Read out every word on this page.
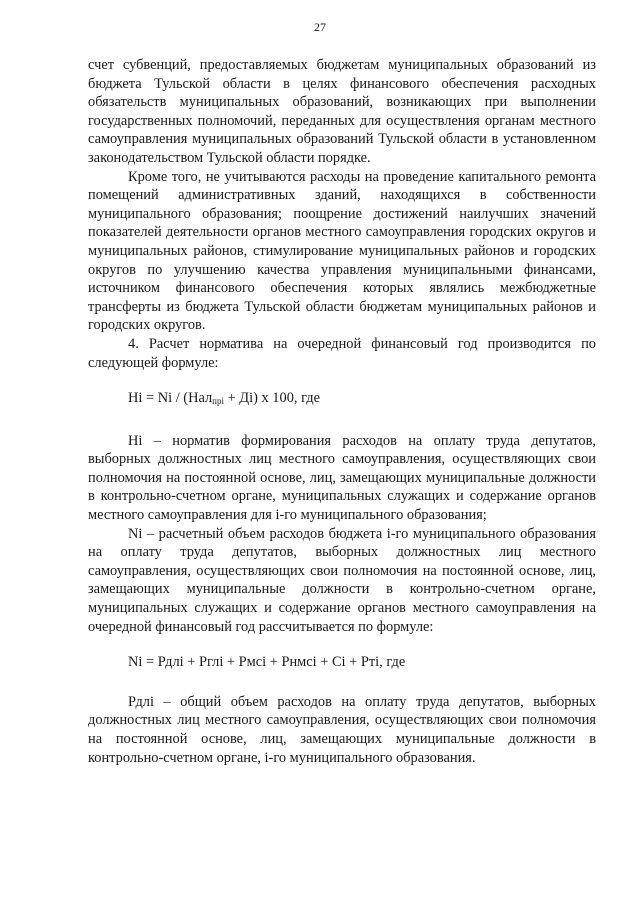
27

счет субвенций, предоставляемых бюджетам муниципальных образований из бюджета Тульской области в целях финансового обеспечения расходных обязательств муниципальных образований, возникающих при выполнении государственных полномочий, переданных для осуществления органам местного самоуправления муниципальных образований Тульской области в установленном законодательством Тульской области порядке.

Кроме того, не учитываются расходы на проведение капитального ремонта помещений административных зданий, находящихся в собственности муниципального образования; поощрение достижений наилучших значений показателей деятельности органов местного самоуправления городских округов и муниципальных районов, стимулирование муниципальных районов и городских округов по улучшению качества управления муниципальными финансами, источником финансового обеспечения которых являлись межбюджетные трансферты из бюджета Тульской области бюджетам муниципальных районов и городских округов.

4. Расчет норматива на очередной финансовый год производится по следующей формуле:

Hi = Ni / (Нал$_{пpi}$ + Дi) х 100, где

Hi – норматив формирования расходов на оплату труда депутатов, выборных должностных лиц местного самоуправления, осуществляющих свои полномочия на постоянной основе, лиц, замещающих муниципальные должности в контрольно-счетном органе, муниципальных служащих и содержание органов местного самоуправления для i-го муниципального образования;

Ni – расчетный объем расходов бюджета i-го муниципального образования на оплату труда депутатов, выборных должностных лиц местного самоуправления, осуществляющих свои полномочия на постоянной основе, лиц, замещающих муниципальные должности в контрольно-счетном органе, муниципальных служащих и содержание органов местного самоуправления на очередной финансовый год рассчитывается по формуле:

Ni = Рдлi + Рглi + Рмсi + Рнмсi + Сi + Рті, где

Рдлi – общий объем расходов на оплату труда депутатов, выборных должностных лиц местного самоуправления, осуществляющих свои полномочия на постоянной основе, лиц, замещающих муниципальные должности в контрольно-счетном органе, i-го муниципального образования.
